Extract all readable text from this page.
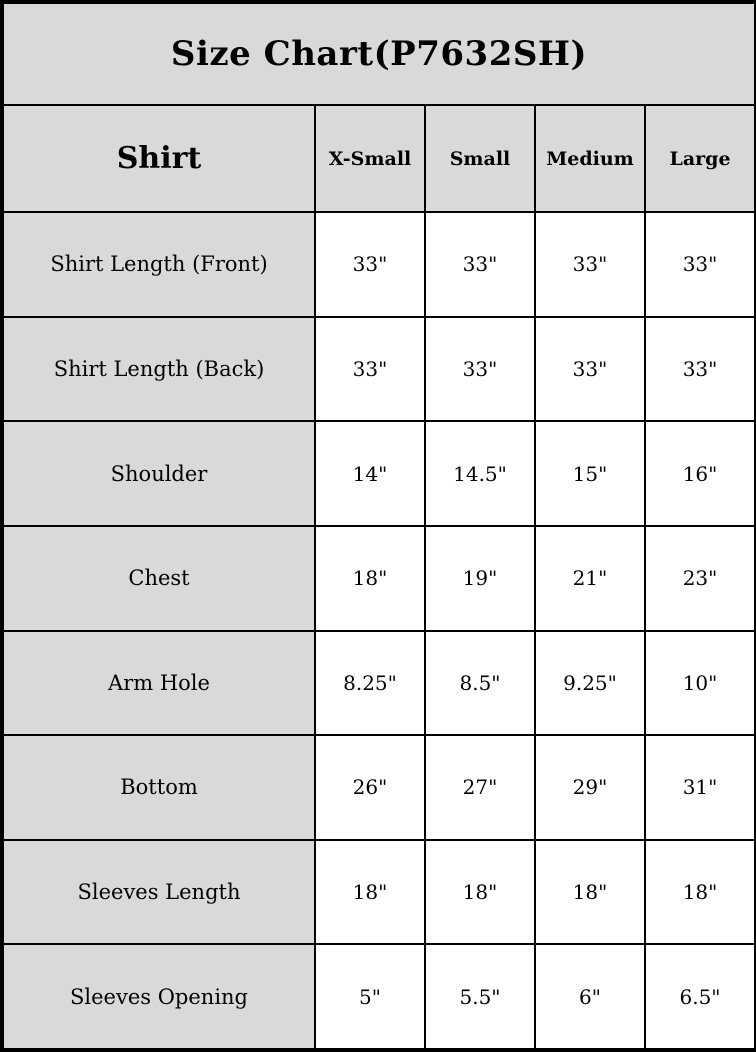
Size Chart(P7632SH)				
Shirt	X-Small	Small	Medium	Large
Shirt Length (Front)	33"	33"	33"	33"
Shirt Length (Back)	33"	33"	33"	33"
Shoulder	14"	14.5"	15"	16"
Chest	18"	19"	21"	23"
Arm Hole	8.25"	8.5"	9.25"	10"
Bottom	26"	27"	29"	31"
Sleeves Length	18"	18"	18"	18"
Sleeves Opening	5"	5.5"	6"	6.5"
